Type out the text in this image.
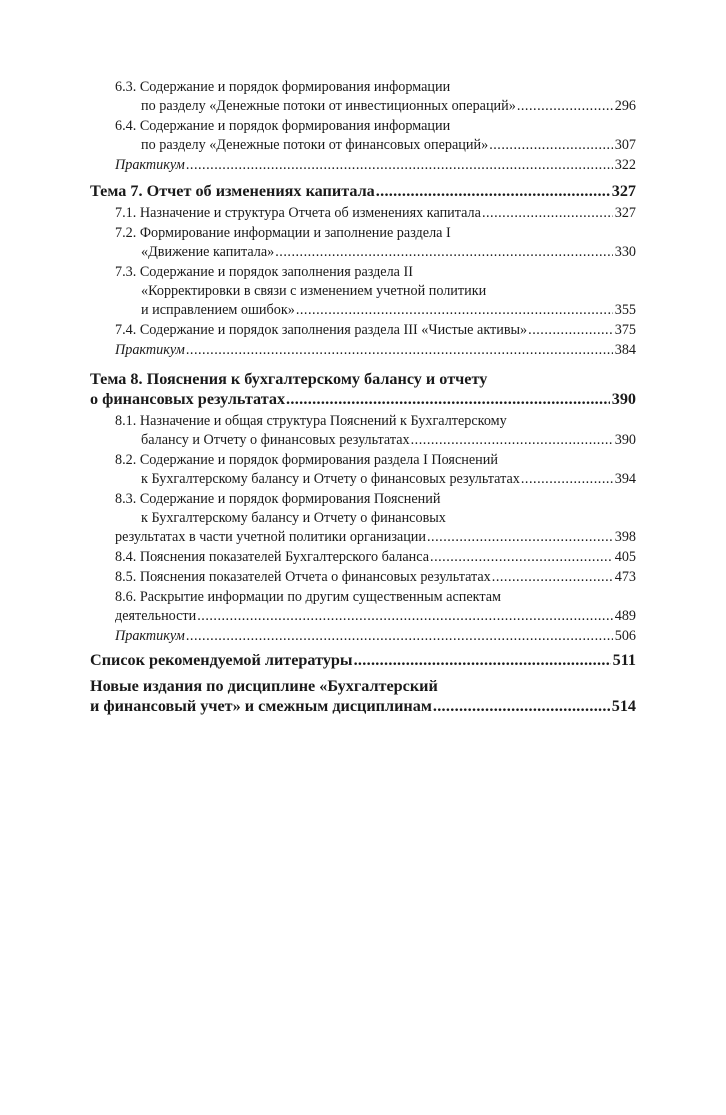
6.3. Содержание и порядок формирования информации
по разделу «Денежные потоки от инвестиционных операций» .....	296
6.4. Содержание и порядок формирования информации
по разделу «Денежные потоки от финансовых операций» .....	307
Практикум .....	322
Тема 7. Отчет об изменениях капитала .....	327
7.1. Назначение и структура Отчета об изменениях капитала .....	327
7.2. Формирование информации и заполнение раздела I
«Движение капитала» .....	330
7.3. Содержание и порядок заполнения раздела II
«Корректировки в связи с изменением учетной политики
и исправлением ошибок» .....	355
7.4. Содержание и порядок заполнения раздела III «Чистые активы» .....	375
Практикум .....	384
Тема 8. Пояснения к бухгалтерскому балансу и отчету
о финансовых результатах .....	390
8.1. Назначение и общая структура Пояснений к Бухгалтерскому
балансу и Отчету о финансовых результатах .....	390
8.2. Содержание и порядок формирования раздела I Пояснений
к Бухгалтерскому балансу и Отчету о финансовых результатах .....	394
8.3. Содержание и порядок формирования Пояснений
к Бухгалтерскому балансу и Отчету о финансовых
результатах в части учетной политики организации .....	398
8.4. Пояснения показателей Бухгалтерского баланса .....	405
8.5. Пояснения показателей Отчета о финансовых результатах .....	473
8.6. Раскрытие информации по другим существенным аспектам
деятельности .....	489
Практикум .....	506
Список рекомендуемой литературы .....	511
Новые издания по дисциплине «Бухгалтерский
и финансовый учет» и смежным дисциплинам .....	514
